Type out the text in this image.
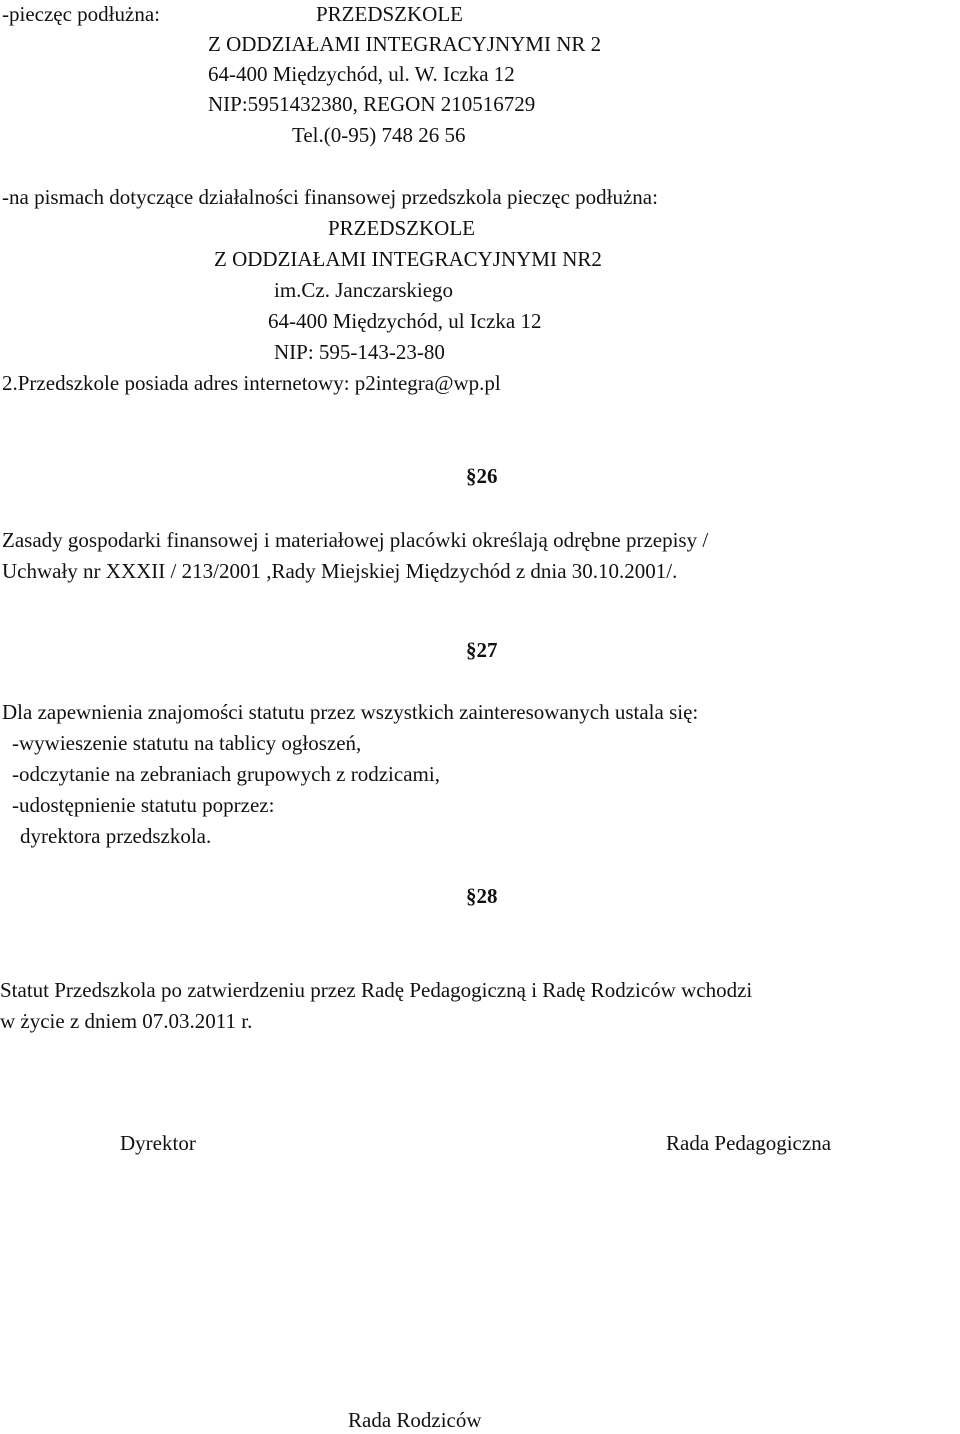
-pieczęc podłużna:	PRZEDSZKOLE
Z ODDZIAŁAMI INTEGRACYJNYMI NR 2
64-400 Międzychód, ul. W. Iczka 12
NIP:5951432380, REGON 210516729
Tel.(0-95) 748 26 56
-na pismach dotyczące działalności finansowej przedszkola pieczęc podłużna:
PRZEDSZKOLE
Z ODDZIAŁAMI INTEGRACYJNYMI NR2
im.Cz. Janczarskiego
64-400 Międzychód, ul Iczka 12
NIP: 595-143-23-80
2.Przedszkole posiada adres internetowy: p2integra@wp.pl
§26
Zasady gospodarki finansowej i materiałowej placówki określają odrębne przepisy /
Uchwały nr XXXII / 213/2001 ,Rady Miejskiej Międzychód z dnia 30.10.2001/.
§27
Dla zapewnienia znajomości statutu przez wszystkich zainteresowanych ustala się:
-wywieszenie statutu na tablicy ogłoszeń,
-odczytanie na zebraniach grupowych z rodzicami,
-udostępnienie statutu poprzez:
dyrektora przedszkola.
§28
Statut Przedszkola po zatwierdzeniu przez Radę Pedagogiczną i Radę Rodziców wchodzi
w życie z dniem 07.03.2011 r.
Dyrektor	Rada Pedagogiczna
Rada Rodziców
